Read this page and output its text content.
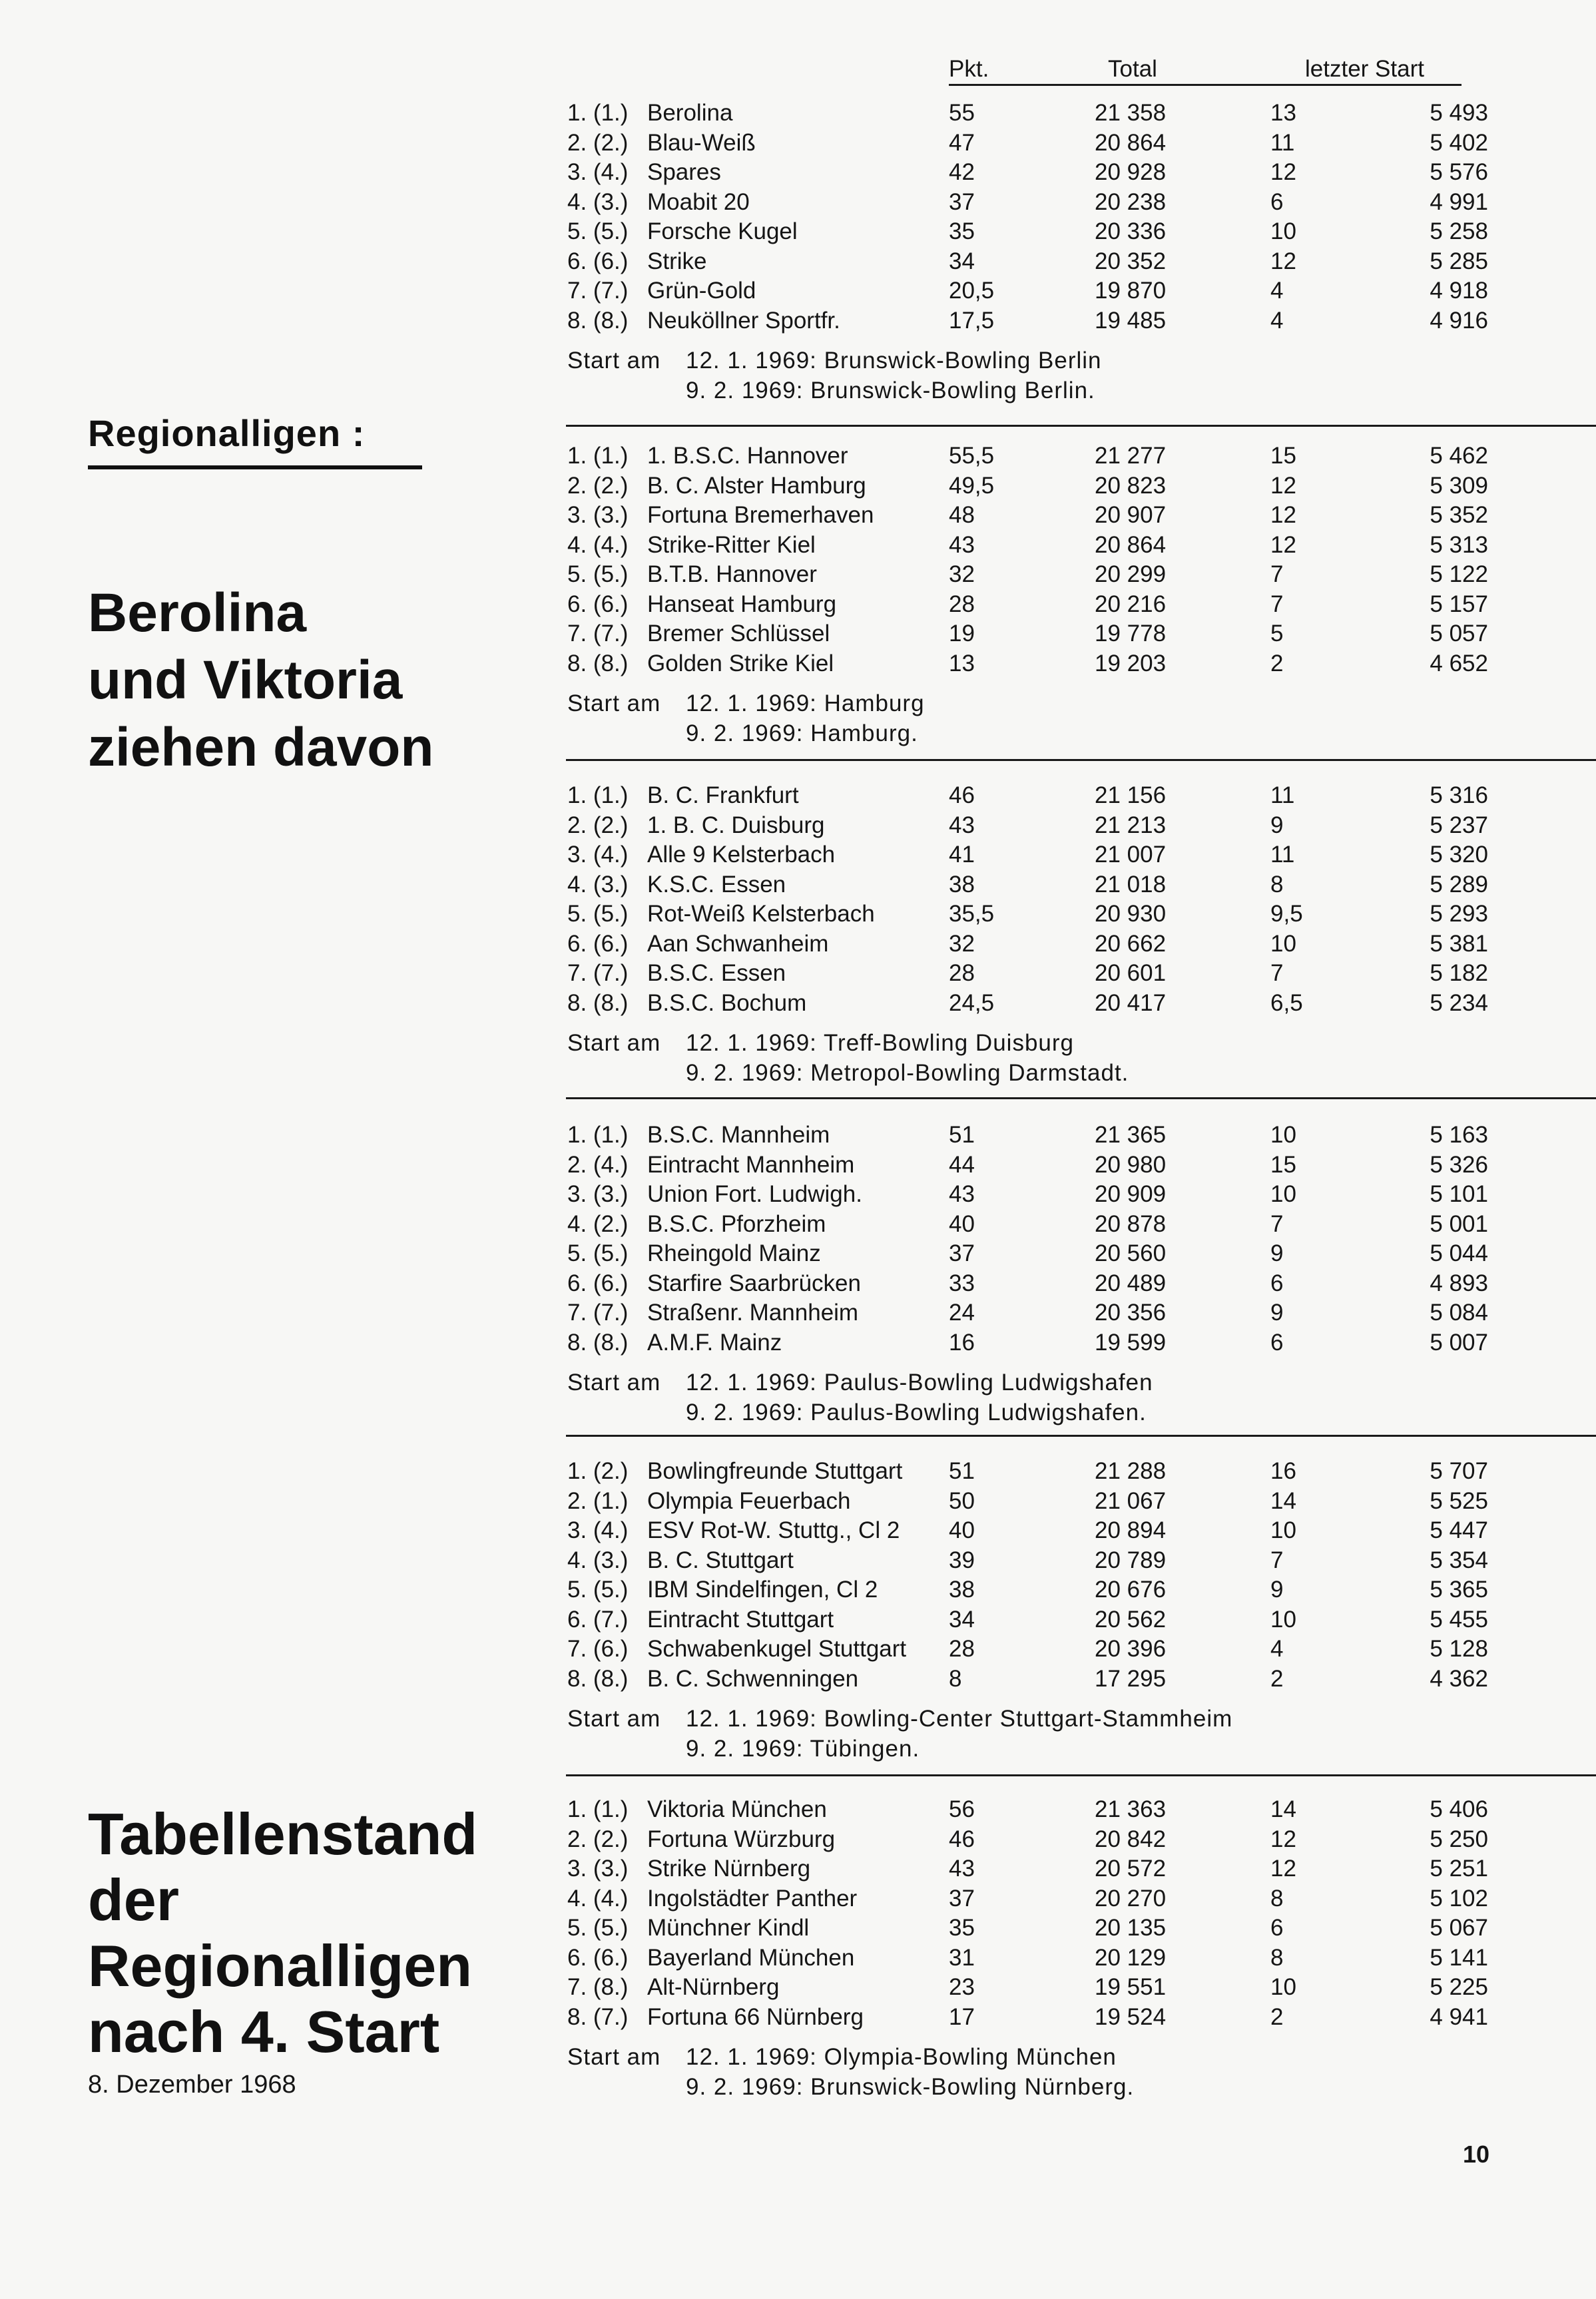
Regionalligen :
Berolina
und Viktoria
ziehen davon
Tabellenstand
der
Regionalligen
nach 4. Start
8. Dezember 1968
Pkt.	Total	letzter Start
1. (1.) Berolina	55	21 358	13	5 493
2. (2.) Blau-Weiß	47	20 864	11	5 402
3. (4.) Spares	42	20 928	12	5 576
4. (3.) Moabit 20	37	20 238	6	4 991
5. (5.) Forsche Kugel	35	20 336	10	5 258
6. (6.) Strike	34	20 352	12	5 285
7. (7.) Grün-Gold	20,5	19 870	4	4 918
8. (8.) Neuköllner Sportfr.	17,5	19 485	4	4 916
Start am 12. 1. 1969: Brunswick-Bowling Berlin
9. 2. 1969: Brunswick-Bowling Berlin.
1. (1.) 1. B.S.C. Hannover	55,5	21 277	15	5 462
2. (2.) B. C. Alster Hamburg	49,5	20 823	12	5 309
3. (3.) Fortuna Bremerhaven	48	20 907	12	5 352
4. (4.) Strike-Ritter Kiel	43	20 864	12	5 313
5. (5.) B.T.B. Hannover	32	20 299	7	5 122
6. (6.) Hanseat Hamburg	28	20 216	7	5 157
7. (7.) Bremer Schlüssel	19	19 778	5	5 057
8. (8.) Golden Strike Kiel	13	19 203	2	4 652
Start am 12. 1. 1969: Hamburg
9. 2. 1969: Hamburg.
1. (1.) B. C. Frankfurt	46	21 156	11	5 316
2. (2.) 1. B. C. Duisburg	43	21 213	9	5 237
3. (4.) Alle 9 Kelsterbach	41	21 007	11	5 320
4. (3.) K.S.C. Essen	38	21 018	8	5 289
5. (5.) Rot-Weiß Kelsterbach	35,5	20 930	9,5	5 293
6. (6.) Aan Schwanheim	32	20 662	10	5 381
7. (7.) B.S.C. Essen	28	20 601	7	5 182
8. (8.) B.S.C. Bochum	24,5	20 417	6,5	5 234
Start am 12. 1. 1969: Treff-Bowling Duisburg
9. 2. 1969: Metropol-Bowling Darmstadt.
1. (1.) B.S.C. Mannheim	51	21 365	10	5 163
2. (4.) Eintracht Mannheim	44	20 980	15	5 326
3. (3.) Union Fort. Ludwigh.	43	20 909	10	5 101
4. (2.) B.S.C. Pforzheim	40	20 878	7	5 001
5. (5.) Rheingold Mainz	37	20 560	9	5 044
6. (6.) Starfire Saarbrücken	33	20 489	6	4 893
7. (7.) Straßenr. Mannheim	24	20 356	9	5 084
8. (8.) A.M.F. Mainz	16	19 599	6	5 007
Start am 12. 1. 1969: Paulus-Bowling Ludwigshafen
9. 2. 1969: Paulus-Bowling Ludwigshafen.
1. (2.) Bowlingfreunde Stuttgart 51	21 288	16	5 707
2. (1.) Olympia Feuerbach	50	21 067	14	5 525
3. (4.) ESV Rot-W. Stuttg., Cl 2 40	20 894	10	5 447
4. (3.) B. C. Stuttgart	39	20 789	7	5 354
5. (5.) IBM Sindelfingen, Cl 2	38	20 676	9	5 365
6. (7.) Eintracht Stuttgart	34	20 562	10	5 455
7. (6.) Schwabenkugel Stuttgart 28	20 396	4	5 128
8. (8.) B. C. Schwenningen	8	17 295	2	4 362
Start am 12. 1. 1969: Bowling-Center Stuttgart-Stammheim
9. 2. 1969: Tübingen.
1. (1.) Viktoria München	56	21 363	14	5 406
2. (2.) Fortuna Würzburg	46	20 842	12	5 250
3. (3.) Strike Nürnberg	43	20 572	12	5 251
4. (4.) Ingolstädter Panther	37	20 270	8	5 102
5. (5.) Münchner Kindl	35	20 135	6	5 067
6. (6.) Bayerland München	31	20 129	8	5 141
7. (8.) Alt-Nürnberg	23	19 551	10	5 225
8. (7.) Fortuna 66 Nürnberg	17	19 524	2	4 941
Start am 12. 1. 1969: Olympia-Bowling München
9. 2. 1969: Brunswick-Bowling Nürnberg.
10
